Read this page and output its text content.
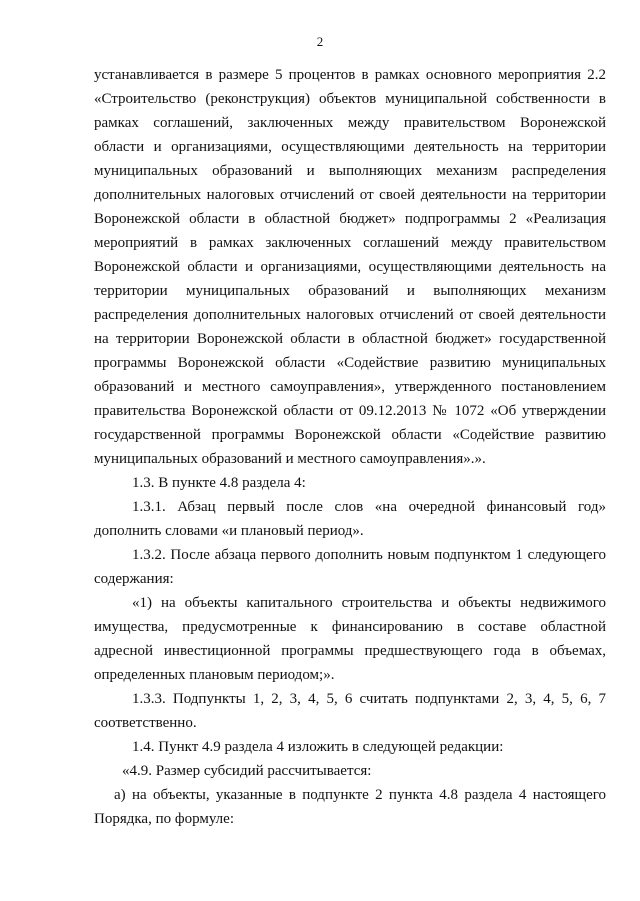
2
устанавливается в размере 5 процентов в рамках основного мероприятия 2.2
«Строительство (реконструкция) объектов муниципальной собственности в
рамках соглашений, заключенных между правительством Воронежской
области и организациями, осуществляющими деятельность на территории
муниципальных образований и выполняющих механизм распределения
дополнительных налоговых отчислений от своей деятельности на территории
Воронежской области в областной бюджет» подпрограммы 2 «Реализация
мероприятий в рамках заключенных соглашений между правительством
Воронежской области и организациями, осуществляющими деятельность на
территории муниципальных образований и выполняющих механизм
распределения дополнительных налоговых отчислений от своей деятельности
на территории Воронежской области в областной бюджет» государственной
программы Воронежской области «Содействие развитию муниципальных
образований и местного самоуправления», утвержденного постановлением
правительства Воронежской области от 09.12.2013 № 1072 «Об утверждении
государственной программы Воронежской области «Содействие развитию
муниципальных образований и местного самоуправления».».
1.3. В пункте 4.8 раздела 4:
1.3.1. Абзац первый после слов «на очередной финансовый год»
дополнить словами «и плановый период».
1.3.2. После абзаца первого дополнить новым подпунктом 1 следующего
содержания:
«1) на объекты капитального строительства и объекты недвижимого
имущества, предусмотренные к финансированию в составе областной
адресной инвестиционной программы предшествующего года в объемах,
определенных плановым периодом;».
1.3.3. Подпункты 1, 2, 3, 4, 5, 6 считать подпунктами 2, 3, 4, 5, 6, 7
соответственно.
1.4. Пункт 4.9 раздела 4 изложить в следующей редакции:
«4.9. Размер субсидий рассчитывается:
а) на объекты, указанные в подпункте 2 пункта 4.8 раздела 4 настоящего
Порядка, по формуле:
